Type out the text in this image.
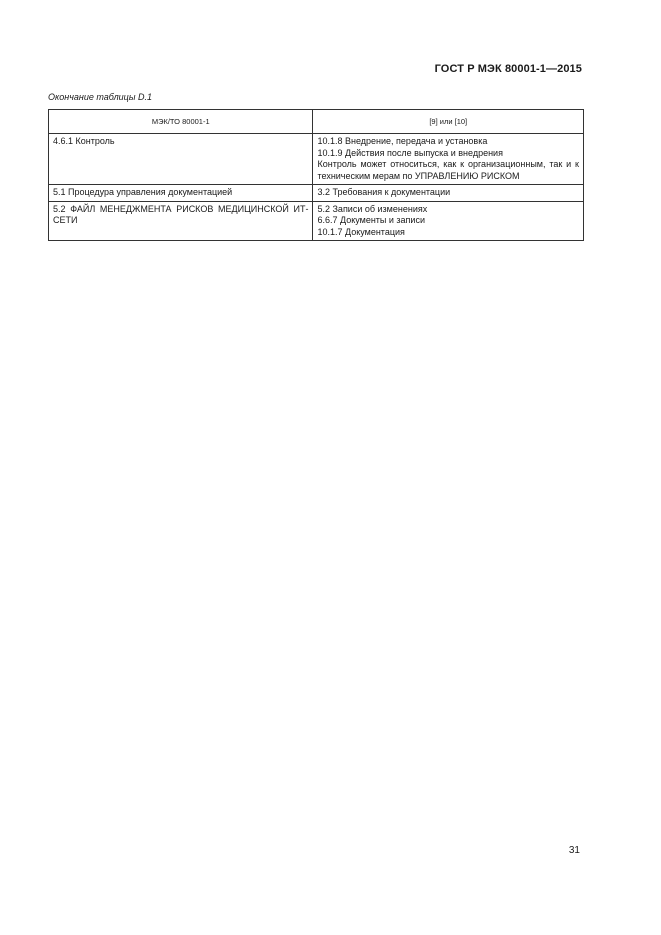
ГОСТ Р МЭК 80001-1—2015
Окончание таблицы D.1
МЭК/ТО 80001-1	[9] или [10]

4.6.1 Контроль	10.1.8 Внедрение, передача и установка
10.1.9 Действия после выпуска и внедрения
Контроль может относиться, как к организационным, так и к техническим мерам по УПРАВЛЕНИЮ РИСКОМ

5.1 Процедура управления документацией	3.2 Требования к документации

5.2 ФАЙЛ МЕНЕДЖМЕНТА РИСКОВ МЕДИЦИНСКОЙ ИТ-СЕТИ	5.2 Записи об изменениях
6.6.7 Документы и записи
10.1.7 Документация
31
